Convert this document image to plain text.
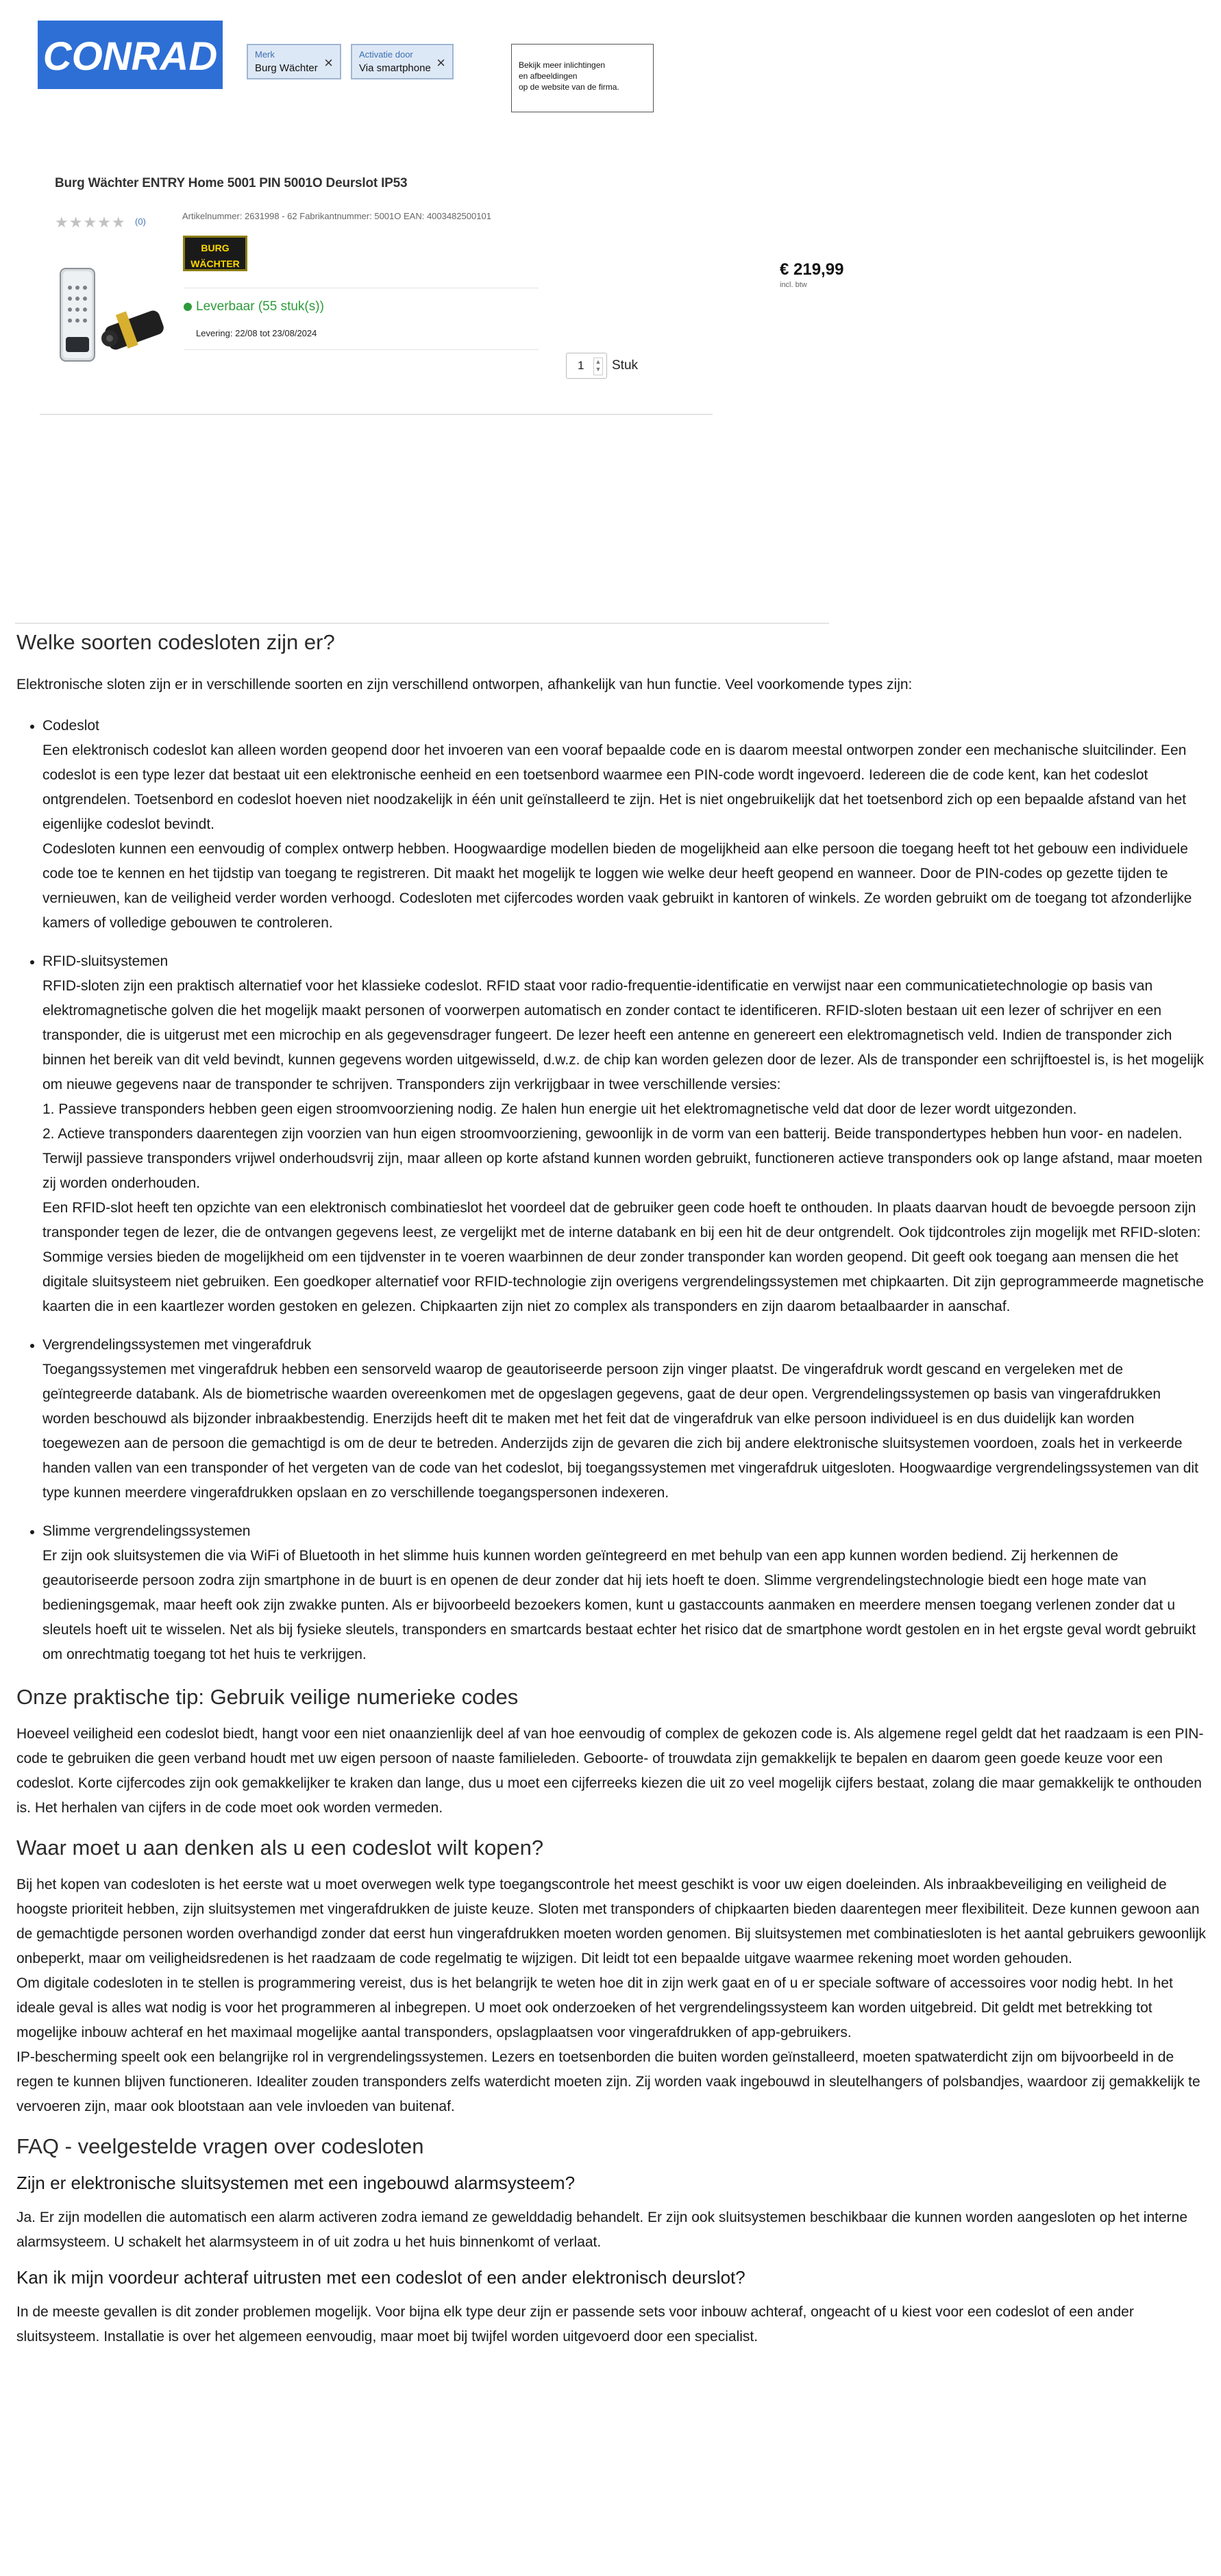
CONRAD	Merk
Burg Wächter ×	Activatie door
Via smartphone ×	Bekijk meer inlichtingen
en afbeeldingen
op de website van de firma.
Burg Wächter ENTRY Home 5001 PIN 5001O Deurslot IP53
★★★★★ (0)
Artikelnummer: 2631998 - 62 Fabrikantnummer: 5001O EAN: 4003482500101
BURG
WÄCHTER
Leverbaar (55 stuk(s))
Levering: 22/08 tot 23/08/2024
€ 219,99
incl. btw
1 ▲
▼ Stuk
Welke soorten codesloten zijn er?

Elektronische sloten zijn er in verschillende soorten en zijn verschillend ontworpen, afhankelijk van hun functie. Veel voorkomende types zijn:

• Codeslot
Een elektronisch codeslot kan alleen worden geopend door het invoeren van een vooraf bepaalde code en is daarom meestal ontworpen zonder een mechanische sluitcilinder. Een codeslot is een type lezer dat bestaat uit een elektronische eenheid en een toetsenbord waarmee een PIN-code wordt ingevoerd. Iedereen die de code kent, kan het codeslot ontgrendelen. Toetsenbord en codeslot hoeven niet noodzakelijk in één unit geïnstalleerd te zijn. Het is niet ongebruikelijk dat het toetsenbord zich op een bepaalde afstand van het eigenlijke codeslot bevindt.
Codesloten kunnen een eenvoudig of complex ontwerp hebben. Hoogwaardige modellen bieden de mogelijkheid aan elke persoon die toegang heeft tot het gebouw een individuele code toe te kennen en het tijdstip van toegang te registreren. Dit maakt het mogelijk te loggen wie welke deur heeft geopend en wanneer. Door de PIN-codes op gezette tijden te vernieuwen, kan de veiligheid verder worden verhoogd. Codesloten met cijfercodes worden vaak gebruikt in kantoren of winkels. Ze worden gebruikt om de toegang tot afzonderlijke kamers of volledige gebouwen te controleren.
• RFID-sluitsystemen
RFID-sloten zijn een praktisch alternatief voor het klassieke codeslot. RFID staat voor radio-frequentie-identificatie en verwijst naar een communicatietechnologie op basis van elektromagnetische golven die het mogelijk maakt personen of voorwerpen automatisch en zonder contact te identificeren. RFID-sloten bestaan uit een lezer of schrijver en een transponder, die is uitgerust met een microchip en als gegevensdrager fungeert. De lezer heeft een antenne en genereert een elektromagnetisch veld. Indien de transponder zich binnen het bereik van dit veld bevindt, kunnen gegevens worden uitgewisseld, d.w.z. de chip kan worden gelezen door de lezer. Als de transponder een schrijftoestel is, is het mogelijk om nieuwe gegevens naar de transponder te schrijven. Transponders zijn verkrijgbaar in twee verschillende versies:
1. Passieve transponders hebben geen eigen stroomvoorziening nodig. Ze halen hun energie uit het elektromagnetische veld dat door de lezer wordt uitgezonden.
2. Actieve transponders daarentegen zijn voorzien van hun eigen stroomvoorziening, gewoonlijk in de vorm van een batterij. Beide transpondertypes hebben hun voor- en nadelen. Terwijl passieve transponders vrijwel onderhoudsvrij zijn, maar alleen op korte afstand kunnen worden gebruikt, functioneren actieve transponders ook op lange afstand, maar moeten zij worden onderhouden.
Een RFID-slot heeft ten opzichte van een elektronisch combinatieslot het voordeel dat de gebruiker geen code hoeft te onthouden. In plaats daarvan houdt de bevoegde persoon zijn transponder tegen de lezer, die de ontvangen gegevens leest, ze vergelijkt met de interne databank en bij een hit de deur ontgrendelt. Ook tijdcontroles zijn mogelijk met RFID-sloten: Sommige versies bieden de mogelijkheid om een tijdvenster in te voeren waarbinnen de deur zonder transponder kan worden geopend. Dit geeft ook toegang aan mensen die het digitale sluitsysteem niet gebruiken. Een goedkoper alternatief voor RFID-technologie zijn overigens vergrendelingssystemen met chipkaarten. Dit zijn geprogrammeerde magnetische kaarten die in een kaartlezer worden gestoken en gelezen. Chipkaarten zijn niet zo complex als transponders en zijn daarom betaalbaarder in aanschaf.
• Vergrendelingssystemen met vingerafdruk
Toegangssystemen met vingerafdruk hebben een sensorveld waarop de geautoriseerde persoon zijn vinger plaatst. De vingerafdruk wordt gescand en vergeleken met de geïntegreerde databank. Als de biometrische waarden overeenkomen met de opgeslagen gegevens, gaat de deur open. Vergrendelingssystemen op basis van vingerafdrukken worden beschouwd als bijzonder inbraakbestendig. Enerzijds heeft dit te maken met het feit dat de vingerafdruk van elke persoon individueel is en dus duidelijk kan worden toegewezen aan de persoon die gemachtigd is om de deur te betreden. Anderzijds zijn de gevaren die zich bij andere elektronische sluitsystemen voordoen, zoals het in verkeerde handen vallen van een transponder of het vergeten van de code van het codeslot, bij toegangssystemen met vingerafdruk uitgesloten. Hoogwaardige vergrendelingssystemen van dit type kunnen meerdere vingerafdrukken opslaan en zo verschillende toegangspersonen indexeren.
• Slimme vergrendelingssystemen
Er zijn ook sluitsystemen die via WiFi of Bluetooth in het slimme huis kunnen worden geïntegreerd en met behulp van een app kunnen worden bediend. Zij herkennen de geautoriseerde persoon zodra zijn smartphone in de buurt is en openen de deur zonder dat hij iets hoeft te doen. Slimme vergrendelingstechnologie biedt een hoge mate van bedieningsgemak, maar heeft ook zijn zwakke punten. Als er bijvoorbeeld bezoekers komen, kunt u gastaccounts aanmaken en meerdere mensen toegang verlenen zonder dat u sleutels hoeft uit te wisselen. Net als bij fysieke sleutels, transponders en smartcards bestaat echter het risico dat de smartphone wordt gestolen en in het ergste geval wordt gebruikt om onrechtmatig toegang tot het huis te verkrijgen.
Onze praktische tip: Gebruik veilige numerieke codes

Hoeveel veiligheid een codeslot biedt, hangt voor een niet onaanzienlijk deel af van hoe eenvoudig of complex de gekozen code is. Als algemene regel geldt dat het raadzaam is een PIN-code te gebruiken die geen verband houdt met uw eigen persoon of naaste familieleden. Geboorte- of trouwdata zijn gemakkelijk te bepalen en daarom geen goede keuze voor een codeslot. Korte cijfercodes zijn ook gemakkelijker te kraken dan lange, dus u moet een cijferreeks kiezen die uit zo veel mogelijk cijfers bestaat, zolang die maar gemakkelijk te onthouden is. Het herhalen van cijfers in de code moet ook worden vermeden.

Waar moet u aan denken als u een codeslot wilt kopen?

Bij het kopen van codesloten is het eerste wat u moet overwegen welk type toegangscontrole het meest geschikt is voor uw eigen doeleinden. Als inbraakbeveiliging en veiligheid de hoogste prioriteit hebben, zijn sluitsystemen met vingerafdrukken de juiste keuze. Sloten met transponders of chipkaarten bieden daarentegen meer flexibiliteit. Deze kunnen gewoon aan de gemachtigde personen worden overhandigd zonder dat eerst hun vingerafdrukken moeten worden genomen. Bij sluitsystemen met combinatiesloten is het aantal gebruikers gewoonlijk onbeperkt, maar om veiligheidsredenen is het raadzaam de code regelmatig te wijzigen. Dit leidt tot een bepaalde uitgave waarmee rekening moet worden gehouden.

Om digitale codesloten in te stellen is programmering vereist, dus is het belangrijk te weten hoe dit in zijn werk gaat en of u er speciale software of accessoires voor nodig hebt. In het ideale geval is alles wat nodig is voor het programmeren al inbegrepen. U moet ook onderzoeken of het vergrendelingssysteem kan worden uitgebreid. Dit geldt met betrekking tot mogelijke inbouw achteraf en het maximaal mogelijke aantal transponders, opslagplaatsen voor vingerafdrukken of app-gebruikers.

IP-bescherming speelt ook een belangrijke rol in vergrendelingssystemen. Lezers en toetsenborden die buiten worden geïnstalleerd, moeten spatwaterdicht zijn om bijvoorbeeld in de regen te kunnen blijven functioneren. Idealiter zouden transponders zelfs waterdicht moeten zijn. Zij worden vaak ingebouwd in sleutelhangers of polsbandjes, waardoor zij gemakkelijk te vervoeren zijn, maar ook blootstaan aan vele invloeden van buitenaf.

FAQ - veelgestelde vragen over codesloten
Zijn er elektronische sluitsystemen met een ingebouwd alarmsysteem?

Ja. Er zijn modellen die automatisch een alarm activeren zodra iemand ze gewelddadig behandelt. Er zijn ook sluitsystemen beschikbaar die kunnen worden aangesloten op het interne alarmsysteem. U schakelt het alarmsysteem in of uit zodra u het huis binnenkomt of verlaat.

Kan ik mijn voordeur achteraf uitrusten met een codeslot of een ander elektronisch deurslot?

In de meeste gevallen is dit zonder problemen mogelijk. Voor bijna elk type deur zijn er passende sets voor inbouw achteraf, ongeacht of u kiest voor een codeslot of een ander sluitsysteem. Installatie is over het algemeen eenvoudig, maar moet bij twijfel worden uitgevoerd door een specialist.
